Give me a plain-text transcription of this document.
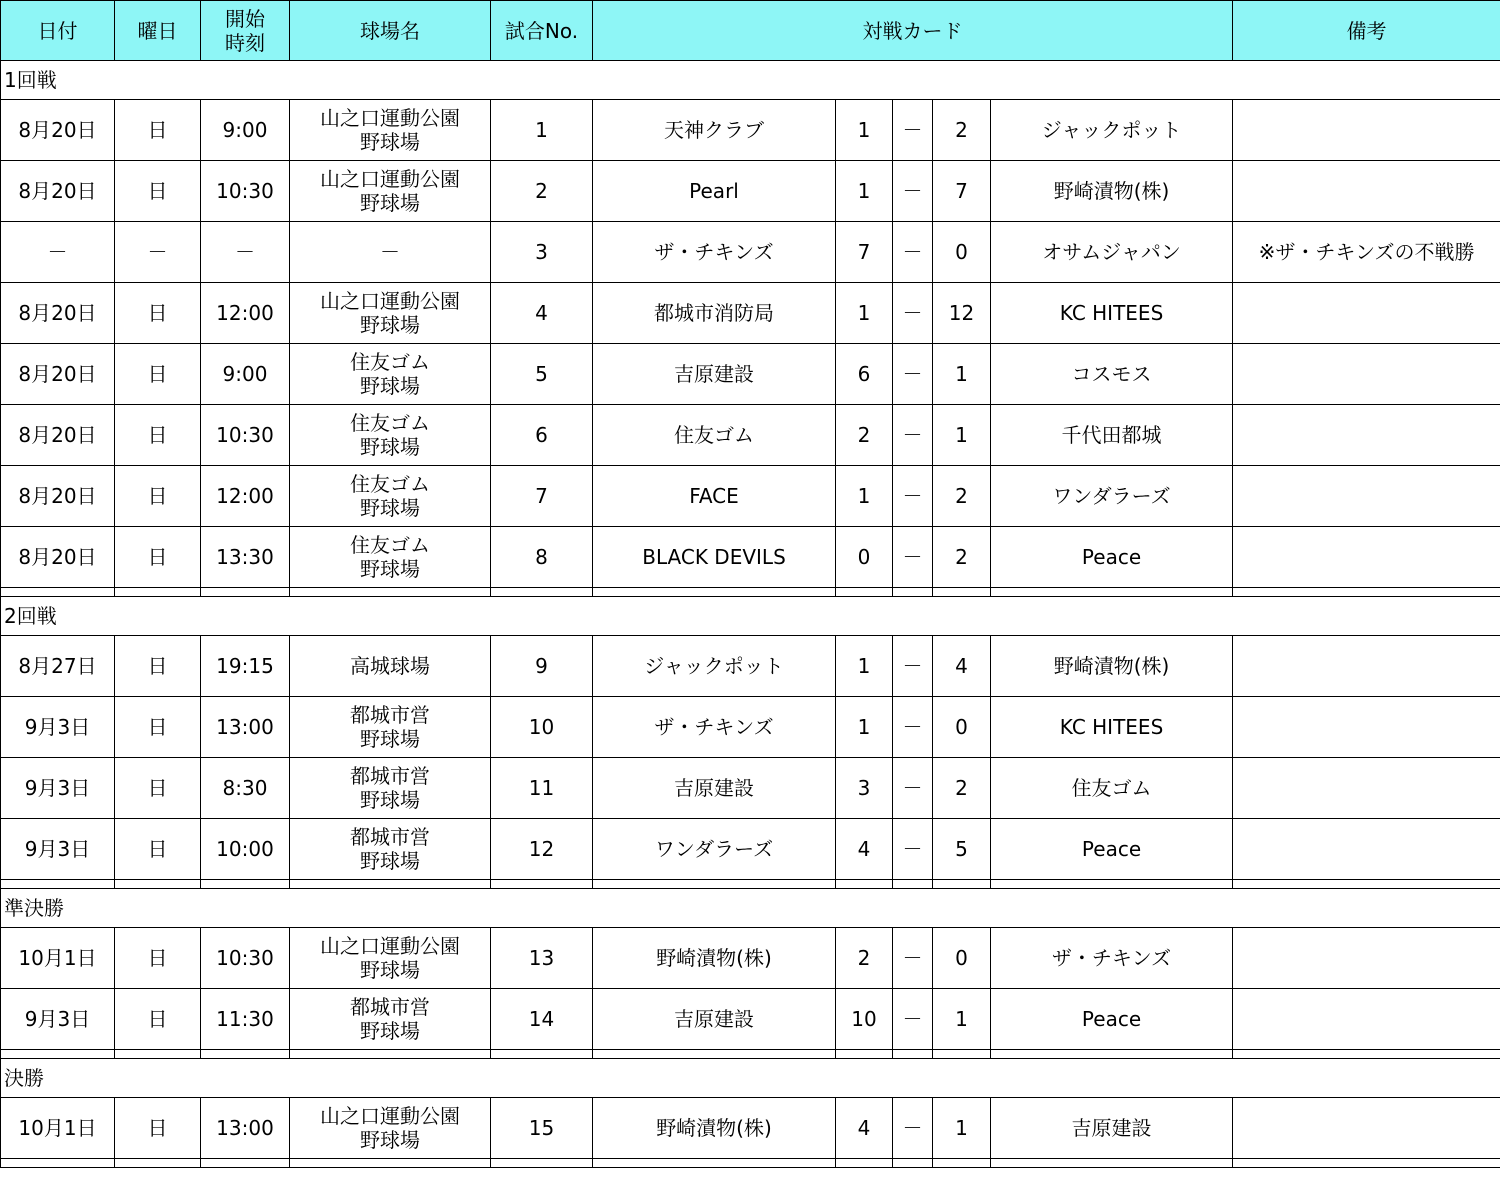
日付	曜日	開始
時刻	球場名	試合No.	対戦カード					備考
1回戦										
8月20日	日	9:00	山之口運動公園
野球場	1	天神クラブ	1	－	2	ジャックポット	
8月20日	日	10:30	山之口運動公園
野球場	2	Pearl	1	－	7	野崎漬物(株)	
－	－	－	－	3	ザ・チキンズ	7	－	0	オサムジャパン	※ザ・チキンズの不戦勝
8月20日	日	12:00	山之口運動公園
野球場	4	都城市消防局	1	－	12	KC HITEES	
8月20日	日	9:00	住友ゴム
野球場	5	吉原建設	6	－	1	コスモス	
8月20日	日	10:30	住友ゴム
野球場	6	住友ゴム	2	－	1	千代田都城	
8月20日	日	12:00	住友ゴム
野球場	7	FACE	1	－	2	ワンダラーズ	
8月20日	日	13:30	住友ゴム
野球場	8	BLACK DEVILS	0	－	2	Peace	

2回戦										
8月27日	日	19:15	高城球場	9	ジャックポット	1	－	4	野崎漬物(株)	
9月3日	日	13:00	都城市営
野球場	10	ザ・チキンズ	1	－	0	KC HITEES	
9月3日	日	8:30	都城市営
野球場	11	吉原建設	3	－	2	住友ゴム	
9月3日	日	10:00	都城市営
野球場	12	ワンダラーズ	4	－	5	Peace	

準決勝										
10月1日	日	10:30	山之口運動公園
野球場	13	野崎漬物(株)	2	－	0	ザ・チキンズ	
9月3日	日	11:30	都城市営
野球場	14	吉原建設	10	－	1	Peace	

決勝										
10月1日	日	13:00	山之口運動公園
野球場	15	野崎漬物(株)	4	－	1	吉原建設	
